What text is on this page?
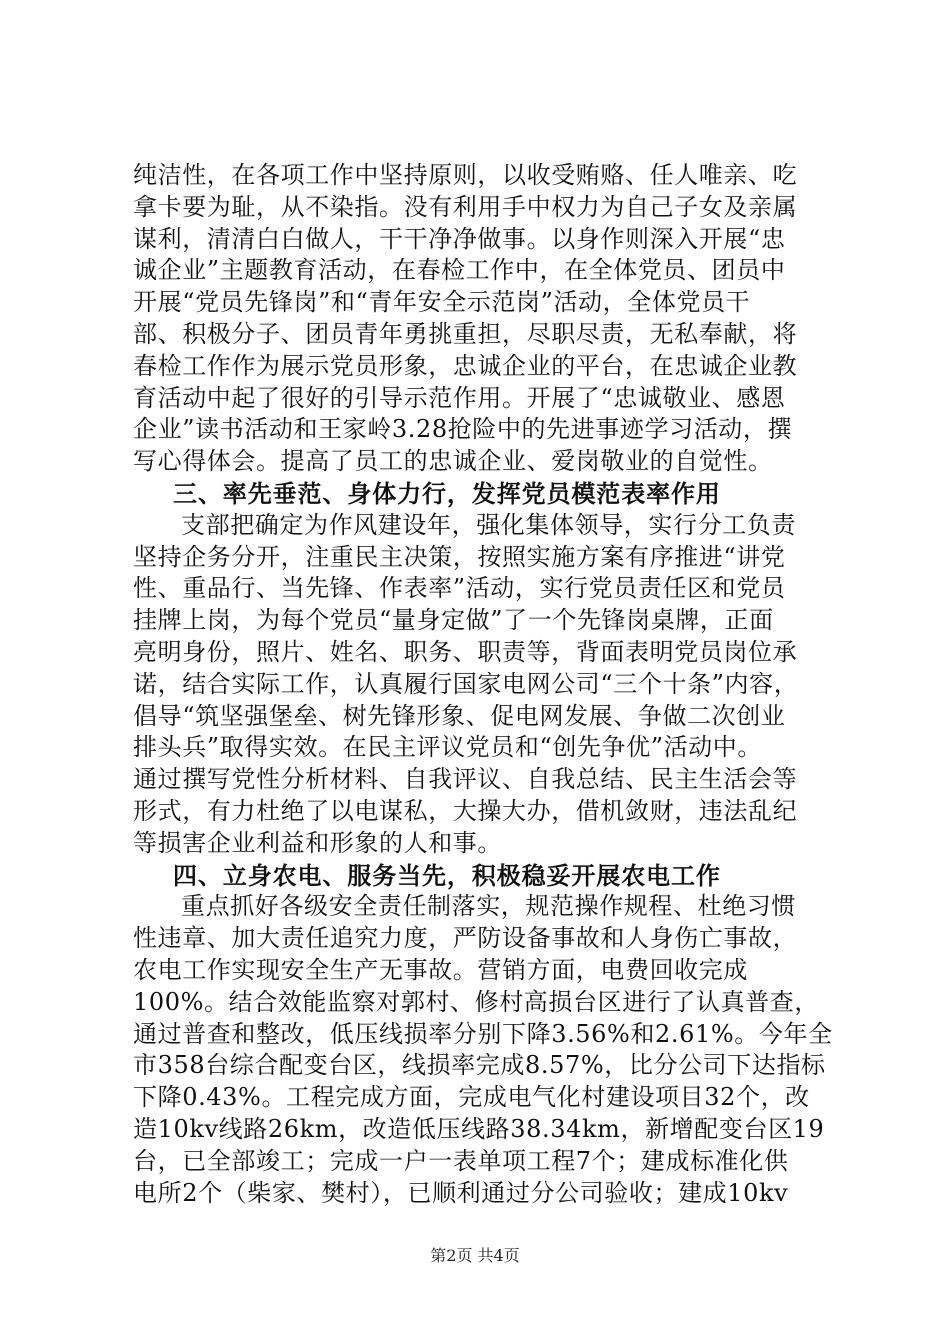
纯洁性，在各项工作中坚持原则，以收受贿赂、任人唯亲、吃
拿卡要为耻，从不染指。没有利用手中权力为自己子女及亲属
谋利，清清白白做人，干干净净做事。以身作则深入开展“忠
诚企业”主题教育活动，在春检工作中，在全体党员、团员中
开展“党员先锋岗”和“青年安全示范岗”活动，全体党员干
部、积极分子、团员青年勇挑重担，尽职尽责，无私奉献，将
春检工作作为展示党员形象，忠诚企业的平台，在忠诚企业教
育活动中起了很好的引导示范作用。开展了“忠诚敬业、感恩
企业”读书活动和王家岭3.28抢险中的先进事迹学习活动，撰
写心得体会。提高了员工的忠诚企业、爱岗敬业的自觉性。
三、率先垂范、身体力行，发挥党员模范表率作用
支部把确定为作风建设年，强化集体领导，实行分工负责
坚持企务分开，注重民主决策，按照实施方案有序推进“讲党
性、重品行、当先锋、作表率”活动，实行党员责任区和党员
挂牌上岗，为每个党员“量身定做”了一个先锋岗桌牌，正面
亮明身份，照片、姓名、职务、职责等，背面表明党员岗位承
诺，结合实际工作，认真履行国家电网公司“三个十条”内容，
倡导“筑坚强堡垒、树先锋形象、促电网发展、争做二次创业
排头兵”取得实效。在民主评议党员和“创先争优”活动中。
通过撰写党性分析材料、自我评议、自我总结、民主生活会等
形式，有力杜绝了以电谋私，大操大办，借机敛财，违法乱纪
等损害企业利益和形象的人和事。
四、立身农电、服务当先，积极稳妥开展农电工作
重点抓好各级安全责任制落实，规范操作规程、杜绝习惯
性违章、加大责任追究力度，严防设备事故和人身伤亡事故，
农电工作实现安全生产无事故。营销方面，电费回收完成
100%。结合效能监察对郭村、修村高损台区进行了认真普查，
通过普查和整改，低压线损率分别下降3.56%和2.61%。今年全
市358台综合配变台区，线损率完成8.57%，比分公司下达指标
下降0.43%。工程完成方面，完成电气化村建设项目32个，改
造10kv线路26km，改造低压线路38.34km，新增配变台区19
台，已全部竣工；完成一户一表单项工程7个；建成标准化供
电所2个（柴家、樊村），已顺利通过分公司验收；建成10kv
第2页 共4页
